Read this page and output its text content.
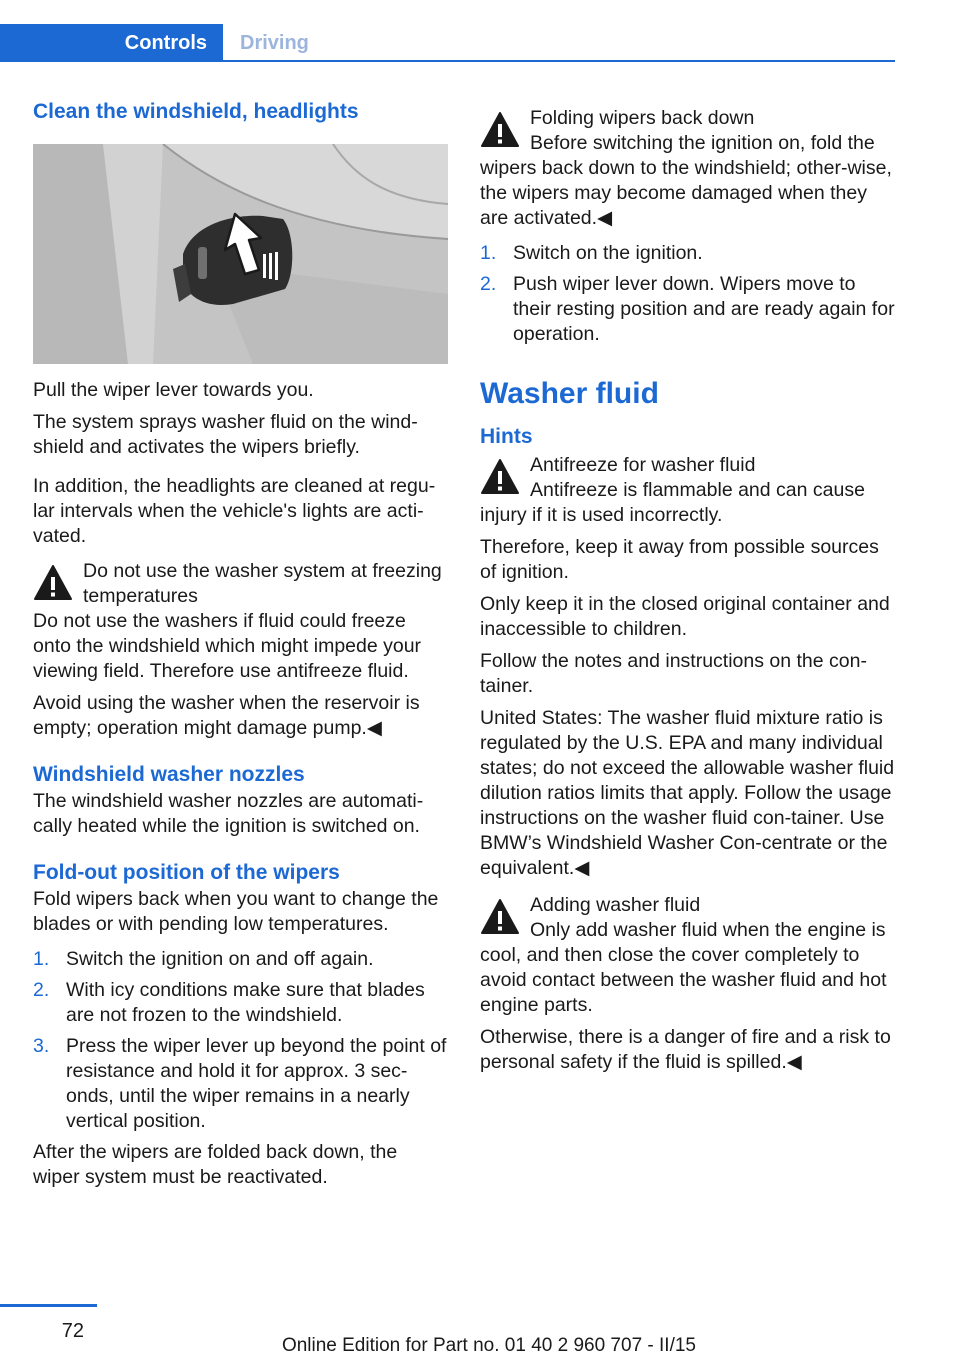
Controls Driving
Clean the windshield, headlights

Pull the wiper lever towards you.

The system sprays washer fluid on the wind‐shield and activates the wipers briefly.

In addition, the headlights are cleaned at regu‐lar intervals when the vehicle's lights are acti‐vated.

Do not use the washer system at freezing temperatures

Do not use the washers if fluid could freeze onto the windshield which might impede your viewing field. Therefore use antifreeze fluid.

Avoid using the washer when the reservoir is empty; operation might damage pump.◀

Windshield washer nozzles

The windshield washer nozzles are automati‐cally heated while the ignition is switched on.

Fold-out position of the wipers

Fold wipers back when you want to change the blades or with pending low temperatures.

1. Switch the ignition on and off again.
2. With icy conditions make sure that blades are not frozen to the windshield.
3. Press the wiper lever up beyond the point of resistance and hold it for approx. 3 sec‐onds, until the wiper remains in a nearly vertical position.

After the wipers are folded back down, the wiper system must be reactivated.

Folding wipers back down

Before switching the ignition on, fold the wipers back down to the windshield; other‐wise, the wipers may become damaged when they are activated.◀

1. Switch on the ignition.
2. Push wiper lever down. Wipers move to their resting position and are ready again for operation.
Washer fluid
Hints
Antifreeze for washer fluid

Antifreeze is flammable and can cause injury if it is used incorrectly.

Therefore, keep it away from possible sources of ignition.

Only keep it in the closed original container and inaccessible to children.

Follow the notes and instructions on the con‐tainer.

United States: The washer fluid mixture ratio is regulated by the U.S. EPA and many individual states; do not exceed the allowable washer fluid dilution ratios limits that apply. Follow the usage instructions on the washer fluid con‐tainer. Use BMW’s Windshield Washer Con‐centrate or the equivalent.◀

Adding washer fluid

Only add washer fluid when the engine is cool, and then close the cover completely to avoid contact between the washer fluid and hot engine parts.

Otherwise, there is a danger of fire and a risk to personal safety if the fluid is spilled.◀

72
Online Edition for Part no. 01 40 2 960 707 - II/15
